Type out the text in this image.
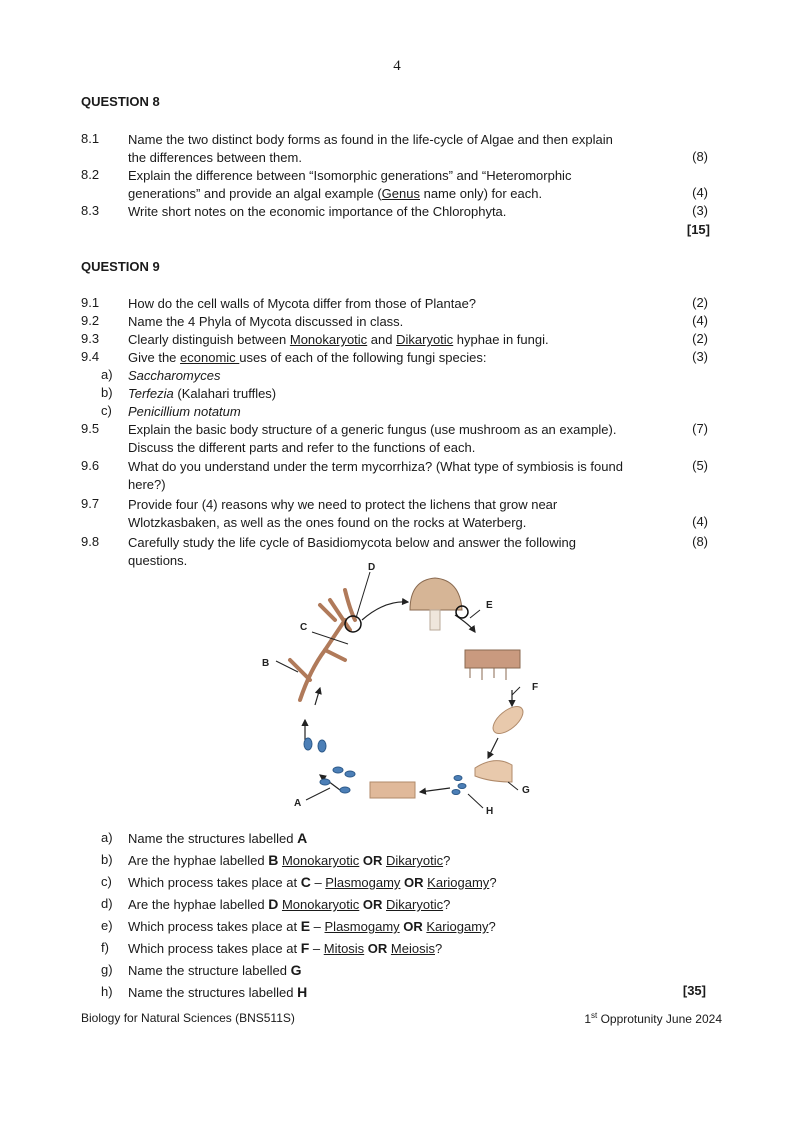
4
QUESTION 8
8.1 Name the two distinct body forms as found in the life-cycle of Algae and then explain
the differences between them.	(8)
8.2 Explain the difference between “Isomorphic generations” and “Heteromorphic
generations” and provide an algal example (Genus name only) for each.	(4)
8.3 Write short notes on the economic importance of the Chlorophyta.	(3)
[15]
QUESTION 9
9.1 How do the cell walls of Mycota differ from those of Plantae?	(2)
9.2 Name the 4 Phyla of Mycota discussed in class.	(4)
9.3 Clearly distinguish between Monokaryotic and Dikaryotic hyphae in fungi.	(2)
9.4 Give the economic uses of each of the following fungi species:	(3)
a) Saccharomyces
b) Terfezia (Kalahari truffles)
c) Penicillium notatum
9.5 Explain the basic body structure of a generic fungus (use mushroom as an example).
Discuss the different parts and refer to the functions of each.
(7)
9.6 What do you understand under the term mycorrhiza? (What type of symbiosis is found
here?)
(5)
9.7 Provide four (4) reasons why we need to protect the lichens that grow near
Wlotzkasbaken, as well as the ones found on the rocks at Waterberg.	(4)
9.8 Carefully study the life cycle of Basidiomycota below and answer the following
questions.
(8)
D
C
B
E
F
G
H
A
a) Name the structures labelled A
b) Are the hyphae labelled B Monokaryotic OR Dikaryotic?
c) Which process takes place at C – Plasmogamy OR Kariogamy?
d) Are the hyphae labelled D Monokaryotic OR Dikaryotic?
e) Which process takes place at E – Plasmogamy OR Kariogamy?
f) Which process takes place at F – Mitosis OR Meiosis?
g) Name the structure labelled G
h) Name the structures labelled H	[35]
Biology for Natural Sciences (BNS511S)	1st Opprotunity June 2024
